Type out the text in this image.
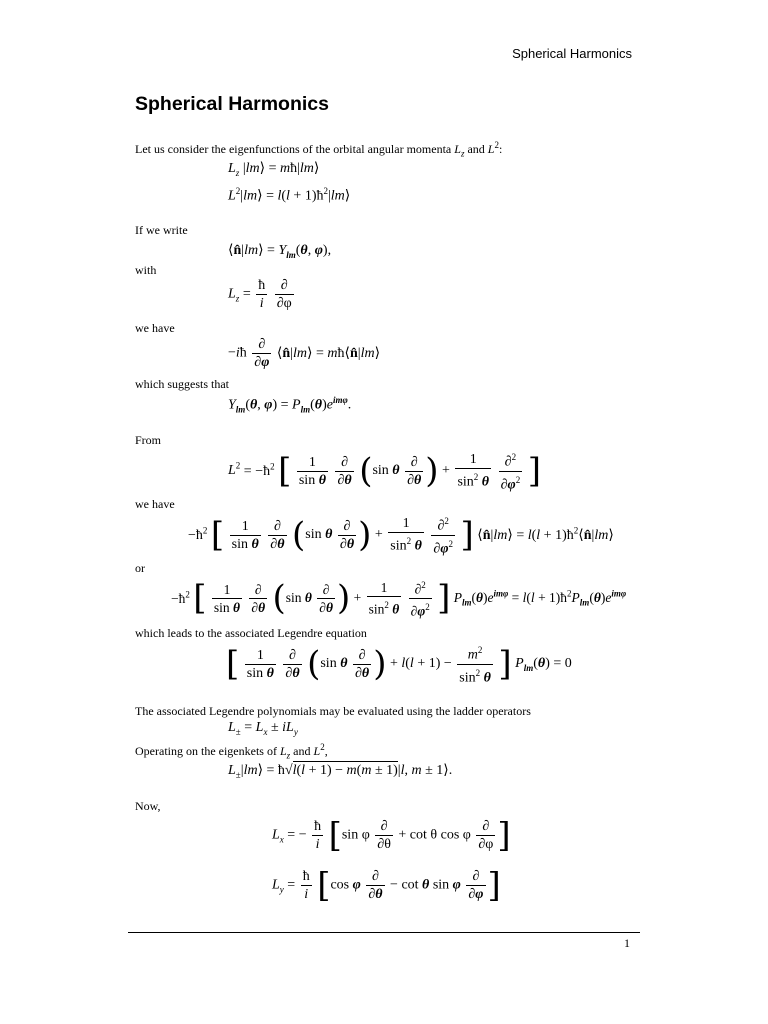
Spherical Harmonics
Spherical Harmonics
Let us consider the eigenfunctions of the orbital angular momenta $L_z$ and $L^2$:
$L_z$ |lm⟩ = mħ|lm⟩
$L^2|lm⟩ = l(l$ + $1)ħ^2|lm⟩$
If we write
⟨n̂|lm⟩ = $Y_{lm}(\theta$, φ),
with
$L_z = \frac{ħ}{i}$
$\frac{\partial}{\partial\varphi}$
we have
−iħ $\frac{\partial}{\partial\varphi}$ ⟨n̂|lm⟩ = mħ⟨n̂|lm⟩
which suggests that
$Y_{lm}(\theta$, $\varphi) = P_{lm}(\theta)e^{im\varphi}$.
From
$L^2$ = $-ħ^2$ [ $\frac{1}{\text{sin θ}}$
$\frac{\partial}{\partial\theta} (\sin$ θ $\frac{\partial}{\partial\theta}$ ) + $\frac{1}{\sin^2 \theta}$
$\frac{\partial^2}{\partial\varphi^2}$ ]
we have
$-ħ^2$ [ $\frac{1}{\text{sin θ}}$
$\frac{\partial}{\partial\theta} (\sin$ θ $\frac{\partial}{\partial\theta}$ ) + $\frac{1}{\sin^2 \theta}$
$\frac{\partial^2}{\partial\varphi^2}$ ] ⟨n̂|lm⟩ = $l(l + 1)ħ^2⟨n̂|lm⟩$
or
$-ħ^2$ [ $\frac{1}{\text{sin θ}}$
$\frac{\partial}{\partial\theta} (\sin$ θ $\frac{\partial}{\partial\theta}$ ) + $\frac{1}{\sin^2 \theta}$
$\frac{\partial^2}{\partial\varphi^2}$ ] $P_{lm}(\theta)e^{im\varphi} = l(l$ + $1)ħ^2P_{lm}(\theta)e^{im\varphi}$
which leads to the associated Legendre equation
[ $\frac{1}{\text{sin θ}}$
$\frac{\partial}{\partial\theta} (\sin$ θ $\frac{\partial}{\partial\theta}$ ) + $l(l + 1) - \frac{m^2}{\sin^2 \theta}$ ] $P_{lm}(\theta) = 0$
The associated Legendre polynomials may be evaluated using the ladder operators
$L_\pm = L_x \pm iL_y$
Operating on the eigenkets of $L_z$ and $L^2$,
$L_\pm|lm⟩$ = ħ√l(l + 1) − m(m ± 1)|l, m ± 1⟩.
Now,
$L_x$ = − $\frac{ħ}{i} [\sin$ φ $\frac{\partial}{\partial\theta} + \cot \theta$ cos φ $\frac{\partial}{\partial\varphi}$ ]
$L_y = \frac{ħ}{i} [\cos$ φ $\frac{\partial}{\partial\theta} - \cot \theta$ sin φ $\frac{\partial}{\partial\varphi}$ ]
1
